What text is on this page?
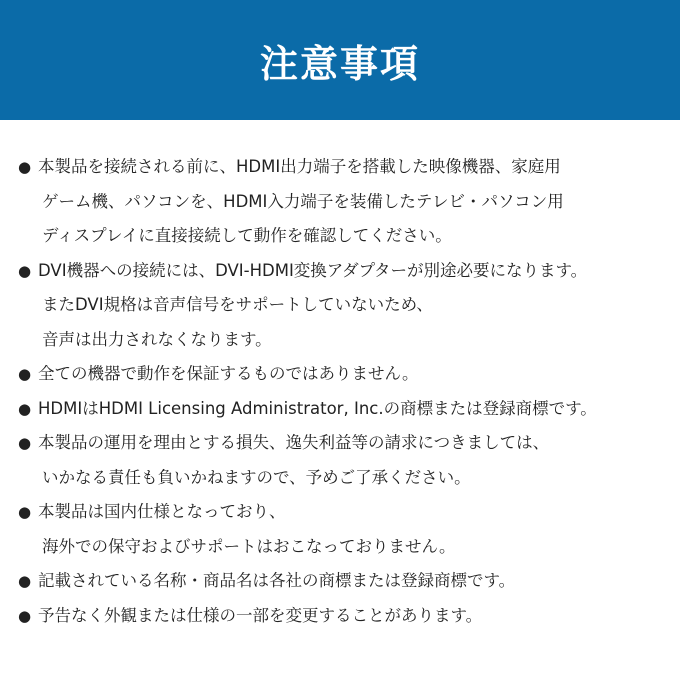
注意事項
● 本製品を接続される前に、HDMI出力端子を搭載した映像機器、家庭用
ゲーム機、パソコンを、HDMI入力端子を装備したテレビ・パソコン用
ディスプレイに直接接続して動作を確認してください。
● DVI機器への接続には、DVI-HDMI変換アダプターが別途必要になります。
またDVI規格は音声信号をサポートしていないため、
音声は出力されなくなります。
● 全ての機器で動作を保証するものではありません。
● HDMIはHDMI Licensing Administrator, Inc.の商標または登録商標です。
● 本製品の運用を理由とする損失、逸失利益等の請求につきましては、
いかなる責任も負いかねますので、予めご了承ください。
● 本製品は国内仕様となっており、
海外での保守およびサポートはおこなっておりません。
● 記載されている名称・商品名は各社の商標または登録商標です。
● 予告なく外観または仕様の一部を変更することがあります。
